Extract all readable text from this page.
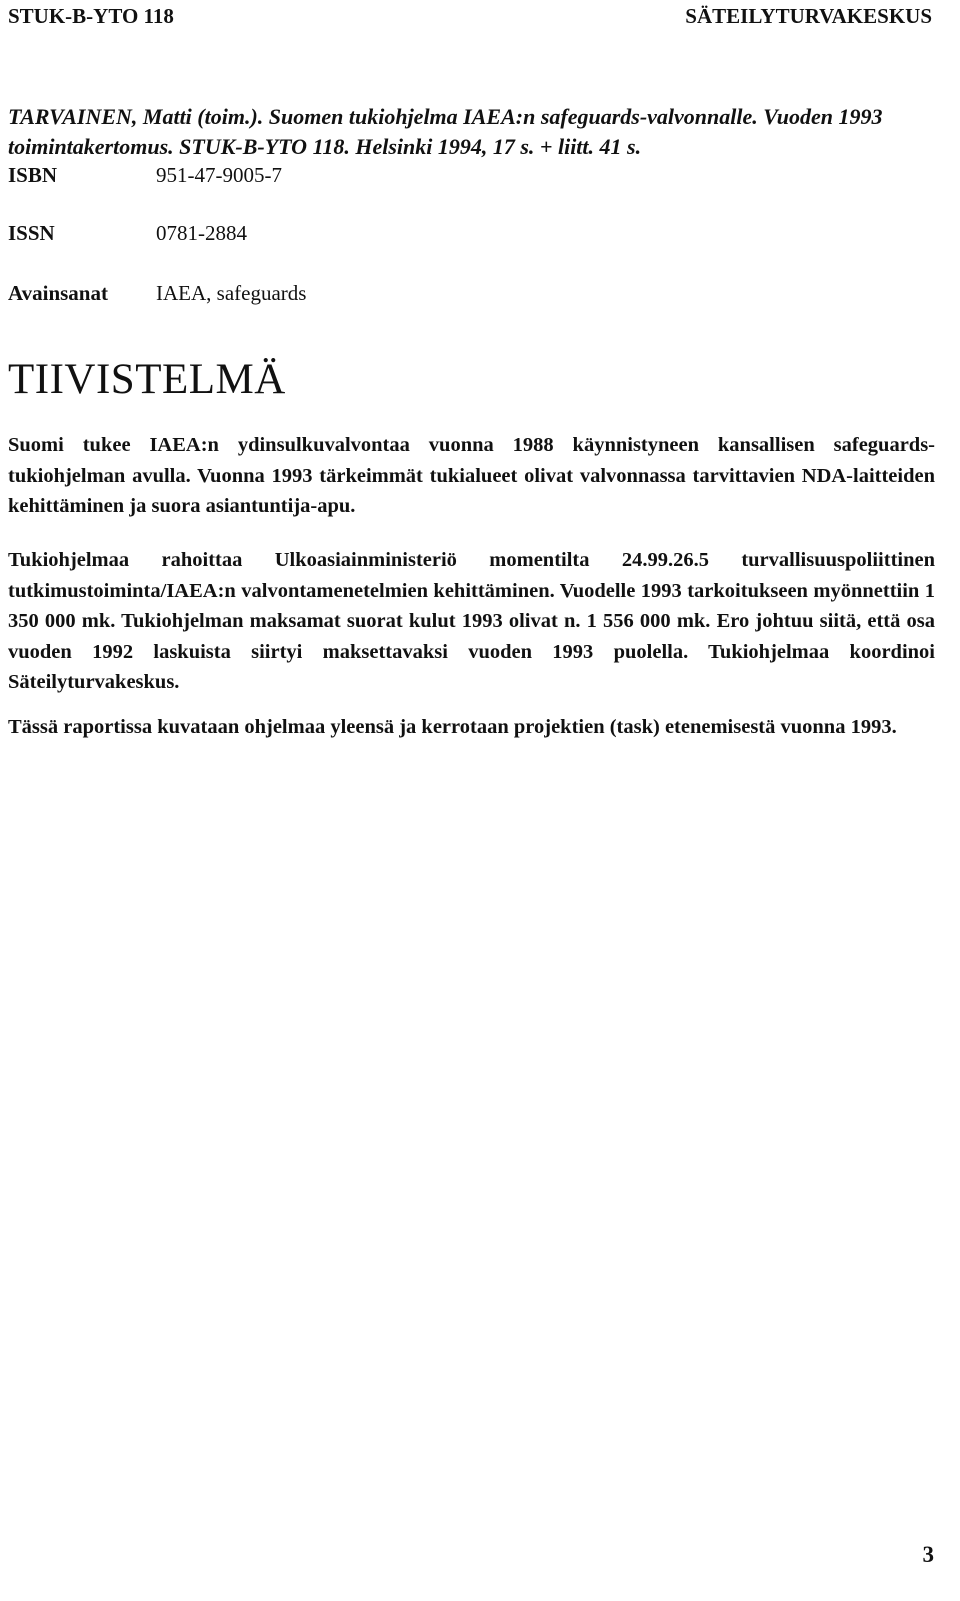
STUK-B-YTO 118	SÄTEILYTURVAKESKUS
TARVAINEN, Matti (toim.). Suomen tukiohjelma IAEA:n safeguards-valvonnalle. Vuoden 1993 toimintakertomus. STUK-B-YTO 118. Helsinki 1994, 17 s. + liitt. 41 s.
ISBN	951-47-9005-7
ISSN	0781-2884
Avainsanat IAEA, safeguards
TIIVISTELMÄ

Suomi tukee IAEA:n ydinsulkuvalvontaa vuonna 1988 käynnistyneen kansallisen safeguards-tukiohjelman avulla. Vuonna 1993 tärkeimmät tukialueet olivat valvonnassa tarvittavien NDA-laitteiden kehittäminen ja suora asiantuntija-apu.

Tukiohjelmaa rahoittaa Ulkoasiainministeriö momentilta 24.99.26.5 turvallisuuspoliittinen tutkimustoiminta/IAEA:n valvontamenetelmien kehittäminen. Vuodelle 1993 tarkoitukseen myönnettiin 1 350 000 mk. Tukiohjelman maksamat suorat kulut 1993 olivat n. 1 556 000 mk. Ero johtuu siitä, että osa vuoden 1992 laskuista siirtyi maksettavaksi vuoden 1993 puolella. Tukiohjelmaa koordinoi Säteilyturvakeskus.

Tässä raportissa kuvataan ohjelmaa yleensä ja kerrotaan projektien (task) etenemisestä vuonna 1993.

3
